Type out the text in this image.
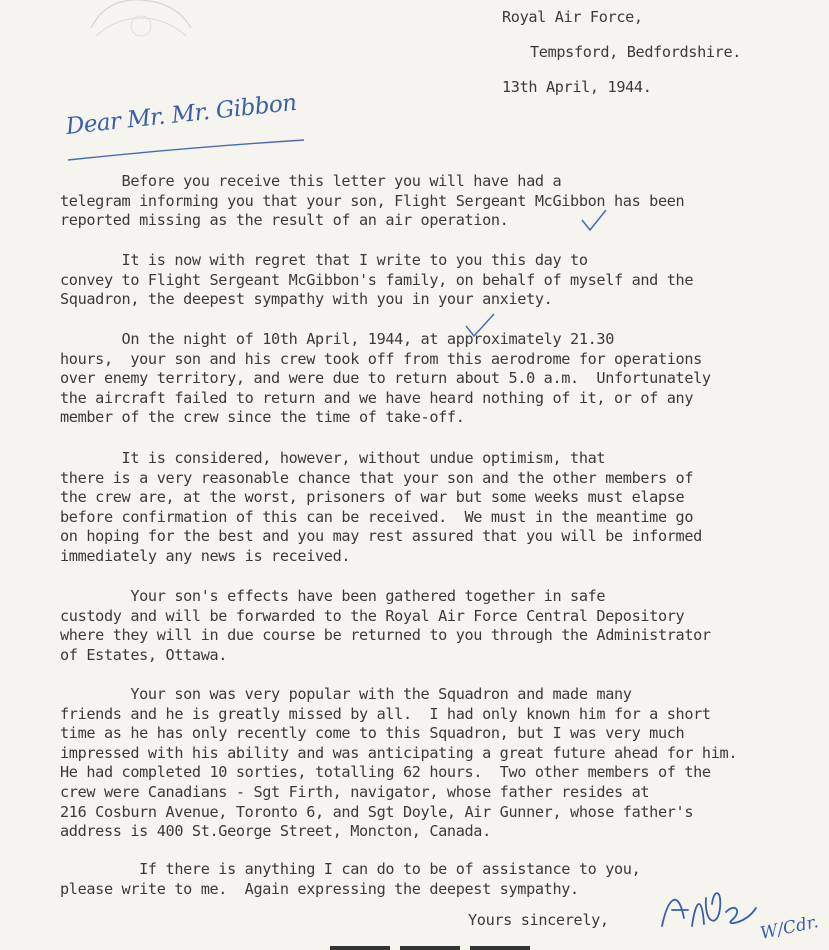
Royal Air Force,
Tempsford, Bedfordshire.
13th April, 1944.
Dear Mr. Mr. Gibbon
Before you receive this letter you will have had a
telegram informing you that your son, Flight Sergeant McGibbon has been
reported missing as the result of an air operation.
It is now with regret that I write to you this day to
convey to Flight Sergeant McGibbon's family, on behalf of myself and the
Squadron, the deepest sympathy with you in your anxiety.
On the night of 10th April, 1944, at approximately 21.30
hours,  your son and his crew took off from this aerodrome for operations
over enemy territory, and were due to return about 5.0 a.m.  Unfortunately
the aircraft failed to return and we have heard nothing of it, or of any
member of the crew since the time of take-off.
It is considered, however, without undue optimism, that
there is a very reasonable chance that your son and the other members of
the crew are, at the worst, prisoners of war but some weeks must elapse
before confirmation of this can be received.  We must in the meantime go
on hoping for the best and you may rest assured that you will be informed
immediately any news is received.
Your son's effects have been gathered together in safe
custody and will be forwarded to the Royal Air Force Central Depository
where they will in due course be returned to you through the Administrator
of Estates, Ottawa.
Your son was very popular with the Squadron and made many
friends and he is greatly missed by all.  I had only known him for a short
time as he has only recently come to this Squadron, but I was very much
impressed with his ability and was anticipating a great future ahead for him.
He had completed 10 sorties, totalling 62 hours.  Two other members of the
crew were Canadians - Sgt Firth, navigator, whose father resides at
216 Cosburn Avenue, Toronto 6, and Sgt Doyle, Air Gunner, whose father's
address is 400 St.George Street, Moncton, Canada.
If there is anything I can do to be of assistance to you,
please write to me.  Again expressing the deepest sympathy.
Yours sincerely,	W/Cdr.
